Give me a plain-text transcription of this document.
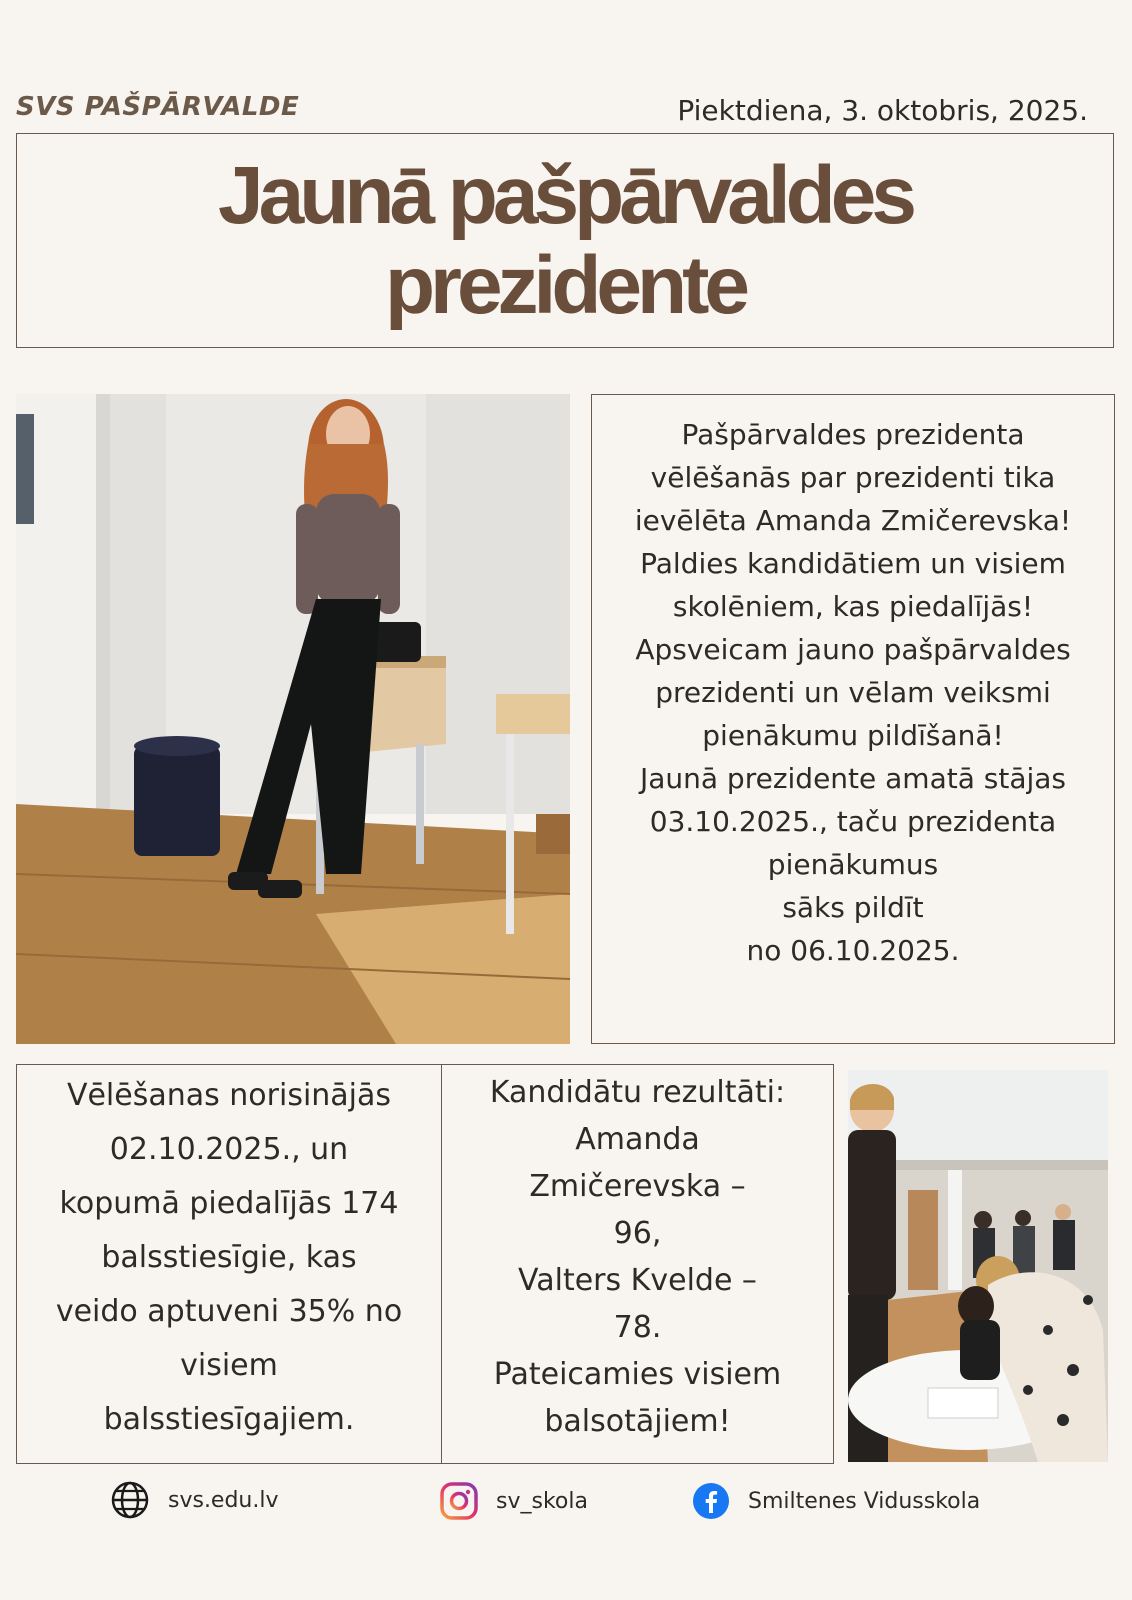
SVS PAŠPĀRVALDE	Piektdiena, 3. oktobris, 2025.
Jaunā pašpārvaldes
prezidente

Pašpārvaldes prezidenta

vēlēšanās par prezidenti tika

ievēlēta Amanda Zmičerevska!

Paldies kandidātiem un visiem

skolēniem, kas piedalījās!

Apsveicam jauno pašpārvaldes

prezidenti un vēlam veiksmi

pienākumu pildīšanā!

Jaunā prezidente amatā stājas

03.10.2025., taču prezidenta

pienākumus

sāks pildīt

no 06.10.2025.

Vēlēšanas norisinājās

02.10.2025., un

kopumā piedalījās 174

balsstiesīgie, kas

veido aptuveni 35% no

visiem

balsstiesīgajiem.

Kandidātu rezultāti:

Amanda

Zmičerevska –

96,

Valters Kvelde –

78.

Pateicamies visiem

balsotājiem!

svs.edu.lv	sv_skola	Smiltenes Vidusskola
